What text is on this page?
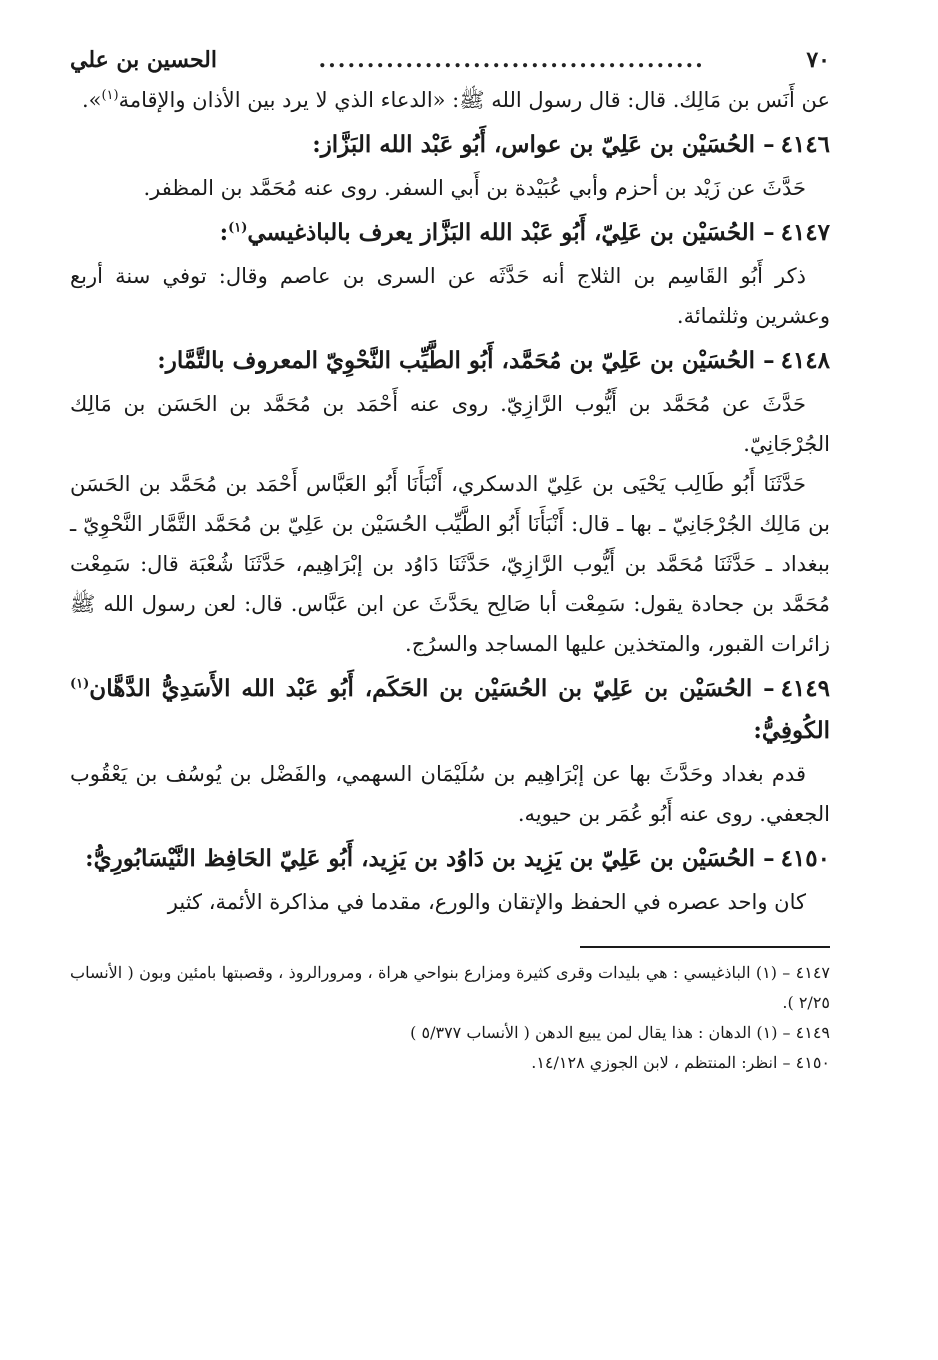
٧٠
........................................
الحسين بن علي

عن أَنَس بن مَالِك. قال: قال رسول الله ﷺ: «الدعاء الذي لا يرد بين الأذان والإقامة$^{(١)}$».

٤١٤٦– الحُسَيْن بن عَلِيّ بن عواس، أَبُو عَبْد الله البَزَّاز:

حَدَّثَ عن زَيْد بن أحزم وأبي عُبَيْدة بن أَبي السفر. روى عنه مُحَمَّد بن المظفر.

٤١٤٧– الحُسَيْن بن عَلِيّ، أَبُو عَبْد الله البَزَّاز يعرف بالباذغيسي$^{(١)}$:

ذكر أَبُو القَاسِم بن الثلاج أنه حَدَّثَه عن السرى بن عاصم وقال: توفي سنة أربع وعشرين وثلثمائة.

٤١٤٨– الحُسَيْن بن عَلِيّ بن مُحَمَّد، أَبُو الطَّيِّب النَّحْوِيّ المعروف بالتَّمَّار:

حَدَّثَ عن مُحَمَّد بن أَيُّوب الرَّازِيّ. روى عنه أَحْمَد بن مُحَمَّد بن الحَسَن بن مَالِك الجُرْجَانِيّ.

حَدَّثَنَا أَبُو طَالِب يَحْيَى بن عَلِيّ الدسكري، أَنْبَأَنَا أَبُو العَبَّاس أَحْمَد بن مُحَمَّد بن الحَسَن بن مَالِك الجُرْجَانِيّ ـ بها ـ قال: أَنْبَأَنَا أَبُو الطَّيِّب الحُسَيْن بن عَلِيّ بن مُحَمَّد التَّمَّار النَّحْوِيّ ـ ببغداد ـ حَدَّثَنَا مُحَمَّد بن أَيُّوب الرَّازِيّ، حَدَّثَنَا دَاوُد بن إبْرَاهِيم، حَدَّثَنَا شُعْبَة قال: سَمِعْت مُحَمَّد بن جحادة يقول: سَمِعْت أبا صَالِح يحَدَّثَ عن ابن عَبَّاس. قال: لعن رسول الله ﷺ زائرات القبور، والمتخذين عليها المساجد والسرُج.

٤١٤٩– الحُسَيْن بن عَلِيّ بن الحُسَيْن بن الحَكَم، أَبُو عَبْد الله الأَسَدِيُّ الدَّهَّان$^{(١)}$ الكُوفِيُّ:

قدم بغداد وحَدَّثَ بها عن إبْرَاهِيم بن سُلَيْمَان السهمي، والفَضْل بن يُوسُف بن يَعْقُوب الجعفي. روى عنه أَبُو عُمَر بن حيويه.

٤١٥٠– الحُسَيْن بن عَلِيّ بن يَزِيد بن دَاوُد بن يَزِيد، أَبُو عَلِيّ الحَافِظ النَّيْسَابُورِيُّ:

كان واحد عصره في الحفظ والإتقان والورع، مقدما في مذاكرة الأئمة، كثير

٤١٤٧ – (١) الباذغيسي : هي بليدات وقرى كثيرة ومزارع بنواحي هراة ، ومرورالروذ ، وقصبتها بامئين وبون ( الأنساب ٢/٢٥ ).

٤١٤٩ – (١) الدهان : هذا يقال لمن يبيع الدهن ( الأنساب ٥/٣٧٧ )

٤١٥٠ – انظر: المنتظم ، لابن الجوزي ١٤/١٢٨.
